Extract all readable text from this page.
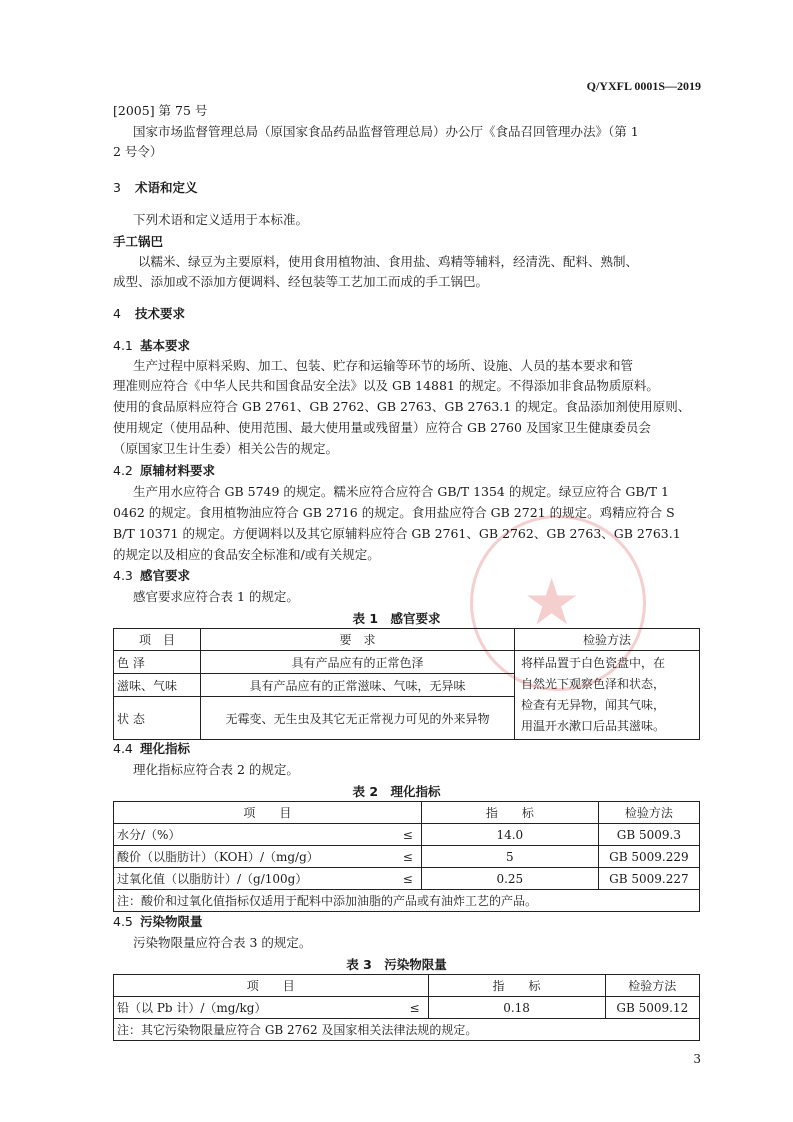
★
Q/YXFL 0001S—2019
[2005] 第 75 号
国家市场监督管理总局（原国家食品药品监督管理总局）办公厅《食品召回管理办法》（第 1
2 号令）
3 术语和定义
下列术语和定义适用于本标准。
手工锅巴
以糯米、绿豆为主要原料，使用食用植物油、食用盐、鸡精等辅料，经清洗、配料、熟制、
成型、添加或不添加方便调料、经包装等工艺加工而成的手工锅巴。
4 技术要求
4.1 基本要求
生产过程中原料采购、加工、包装、贮存和运输等环节的场所、设施、人员的基本要求和管
理准则应符合《中华人民共和国食品安全法》以及 GB 14881 的规定。不得添加非食品物质原料。
使用的食品原料应符合 GB 2761、GB 2762、GB 2763、GB 2763.1 的规定。食品添加剂使用原则、
使用规定（使用品种、使用范围、最大使用量或残留量）应符合 GB 2760 及国家卫生健康委员会
（原国家卫生计生委）相关公告的规定。
4.2 原辅材料要求
生产用水应符合 GB 5749 的规定。糯米应符合应符合 GB/T 1354 的规定。绿豆应符合 GB/T 1
0462 的规定。食用植物油应符合 GB 2716 的规定。食用盐应符合 GB 2721 的规定。鸡精应符合 S
B/T 10371 的规定。方便调料以及其它原辅料应符合 GB 2761、GB 2762、GB 2763、GB 2763.1
的规定以及相应的食品安全标准和/或有关规定。
4.3 感官要求
感官要求应符合表 1 的规定。
表 1　感官要求
项　目	要　求	检验方法
色 泽	具有产品应有的正常色泽	将样品置于白色瓷盘中，在
自然光下观察色泽和状态，
检查有无异物，闻其气味，
用温开水漱口后品其滋味。

滋味、气味	具有产品应有的正常滋味、气味，无异味	
状 态	无霉变、无生虫及其它无正常视力可见的外来异物	
4.4 理化指标
理化指标应符合表 2 的规定。
表 2　理化指标
项　　目		指　　标	检验方法
水分/（%）	≤	14.0	GB 5009.3
酸价（以脂肪计）（KOH）/（mg/g）	≤	5	GB 5009.229
过氧化值（以脂肪计）/（g/100g）	≤	0.25	GB 5009.227
注：酸价和过氧化值指标仅适用于配料中添加油脂的产品或有油炸工艺的产品。			
4.5 污染物限量
污染物限量应符合表 3 的规定。
表 3　污染物限量
项　　目		指　　标	检验方法
铅（以 Pb 计）/（mg/kg）	≤	0.18	GB 5009.12
注：其它污染物限量应符合 GB 2762 及国家相关法律法规的规定。			
3
